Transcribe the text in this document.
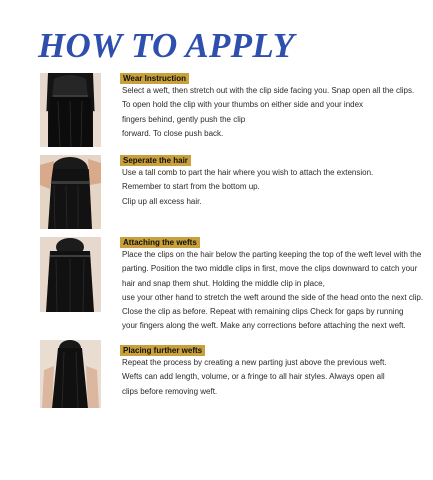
HOW TO APPLY
Wear Instruction
Select a weft, then stretch out with the clip side facing you. Snap open all the clips.
To open hold the clip with your thumbs on either side and your index
fingers behind, gently push the clip
forward. To close push back.
Seperate the hair
Use a tall comb to part the hair where you wish to attach the extension.
Remember to start from the bottom up.
Clip up all excess hair.
Attaching the wefts
Place the clips on the hair below the parting keeping the top of the weft level with the
parting. Position the two middle clips in first, move the clips downward to catch your
hair and snap them shut. Holding the middle clip in place,
use your other hand to stretch the weft around the side of the head onto the next clip.
Close the clip as before. Repeat with remaining clips Check for gaps by running
your fingers along the weft. Make any corrections before attaching the next weft.
Placing further wefts
Repeat the process by creating a new parting just above the previous weft.
Wefts can add length, volume, or a fringe to all hair styles. Always open all
clips before removing weft.
